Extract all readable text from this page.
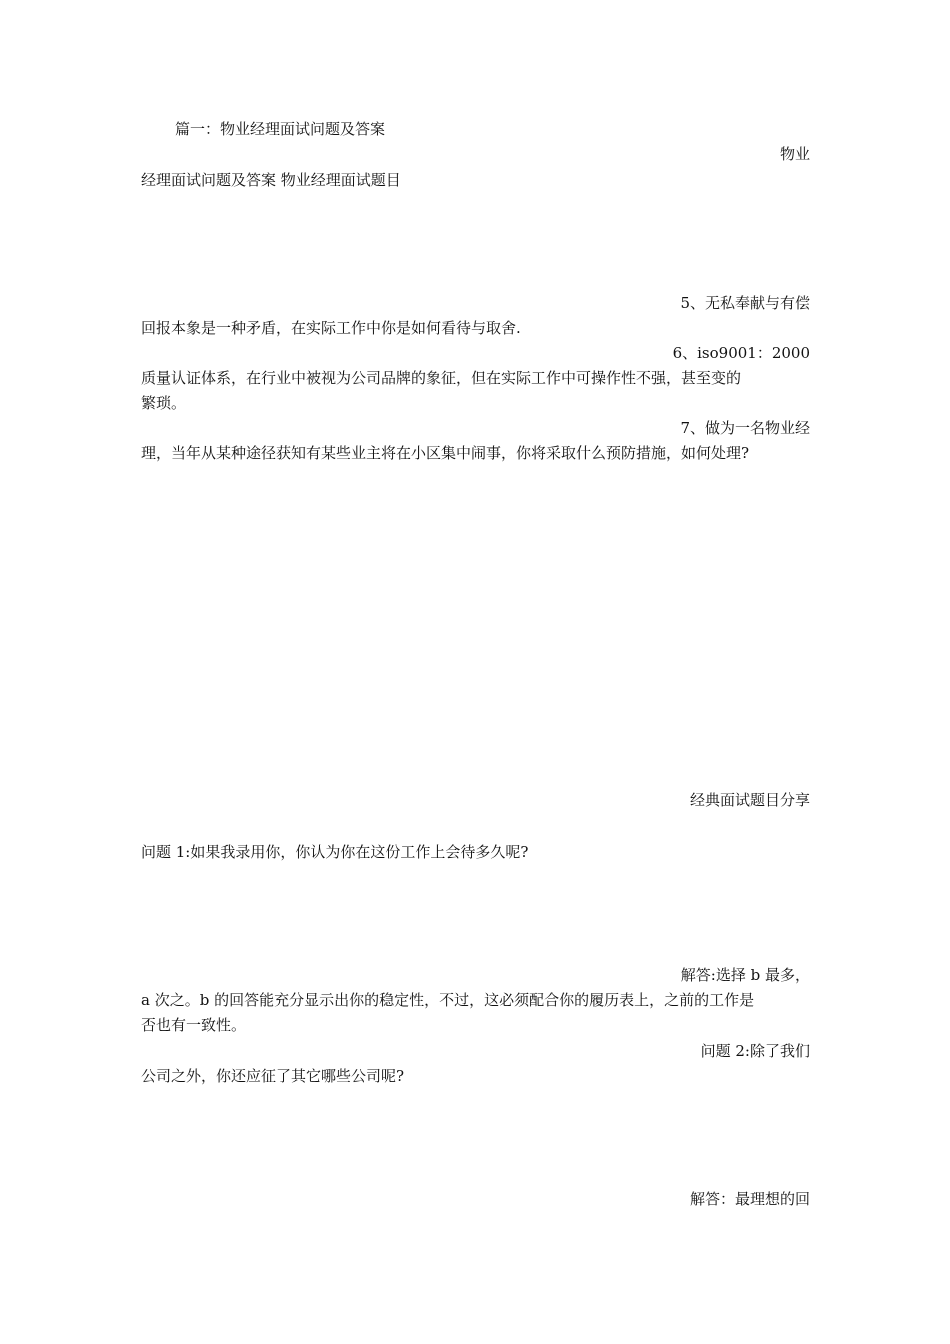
篇一：物业经理面试问题及答案
物业
经理面试问题及答案 物业经理面试题目
5、无私奉献与有偿
回报本象是一种矛盾，在实际工作中你是如何看待与取舍.
6、iso9001：2000
质量认证体系，在行业中被视为公司品牌的象征，但在实际工作中可操作性不强，甚至变的
繁琐。
7、做为一名物业经
理，当年从某种途径获知有某些业主将在小区集中闹事，你将采取什么预防措施，如何处理?
经典面试题目分享
问题 1:如果我录用你，你认为你在这份工作上会待多久呢?
解答:选择 b 最多，
a 次之。b 的回答能充分显示出你的稳定性，不过，这必须配合你的履历表上，之前的工作是
否也有一致性。
问题 2:除了我们
公司之外，你还应征了其它哪些公司呢?
解答：最理想的回
